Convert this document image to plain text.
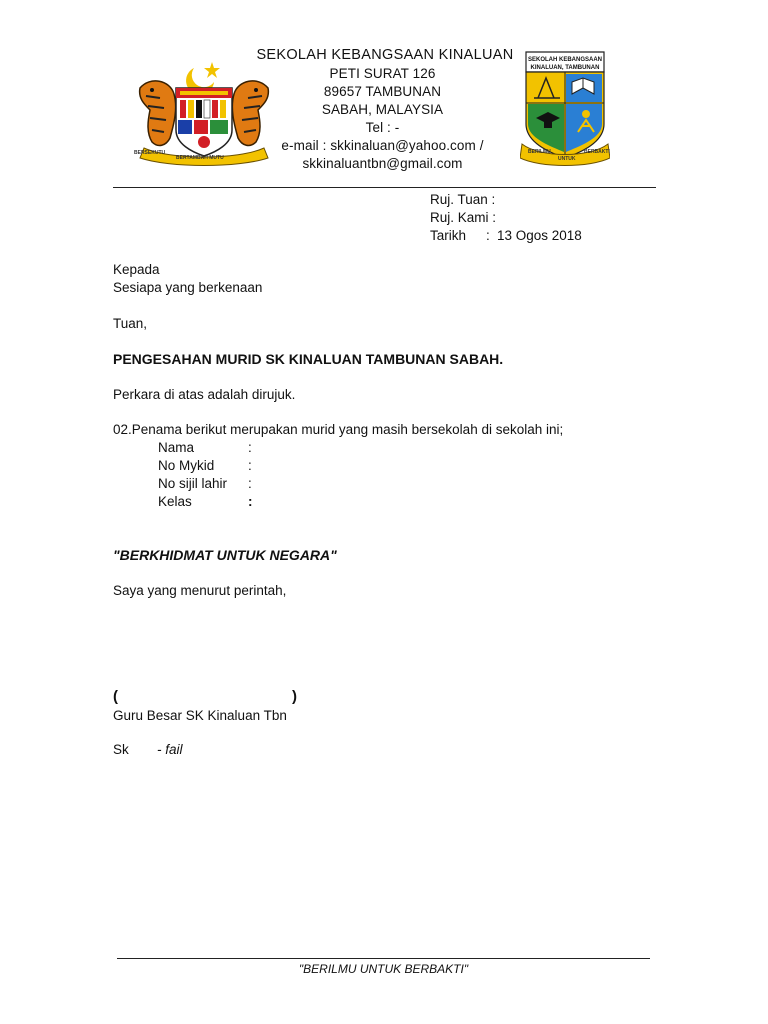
BERSEKUTU
BERTAMBAH MUTU
SEKOLAH KEBANGSAAN KINALUAN
PETI SURAT 126
89657 TAMBUNAN
SABAH, MALAYSIA
Tel : -
e-mail : skkinaluan@yahoo.com /
skkinaluantbn@gmail.com
SEKOLAH KEBANGSAAN KINALUAN, TAMBUNAN
BERILMU
UNTUK
BERBAKTI
Ruj. Tuan :
Ruj. Kami :
Tarikh : 13 Ogos 2018
Kepada
Sesiapa yang berkenaan
Tuan,
PENGESAHAN MURID SK KINALUAN TAMBUNAN SABAH.
Perkara di atas adalah dirujuk.
02.Penama berikut merupakan murid yang masih bersekolah di sekolah ini;
Nama	:
No Mykid :
No sijil lahir :
Kelas	:
"BERKHIDMAT UNTUK NEGARA"
Saya yang menurut perintah,
(	)
Guru Besar SK Kinaluan Tbn
Sk - fail
"BERILMU UNTUK BERBAKTI"
